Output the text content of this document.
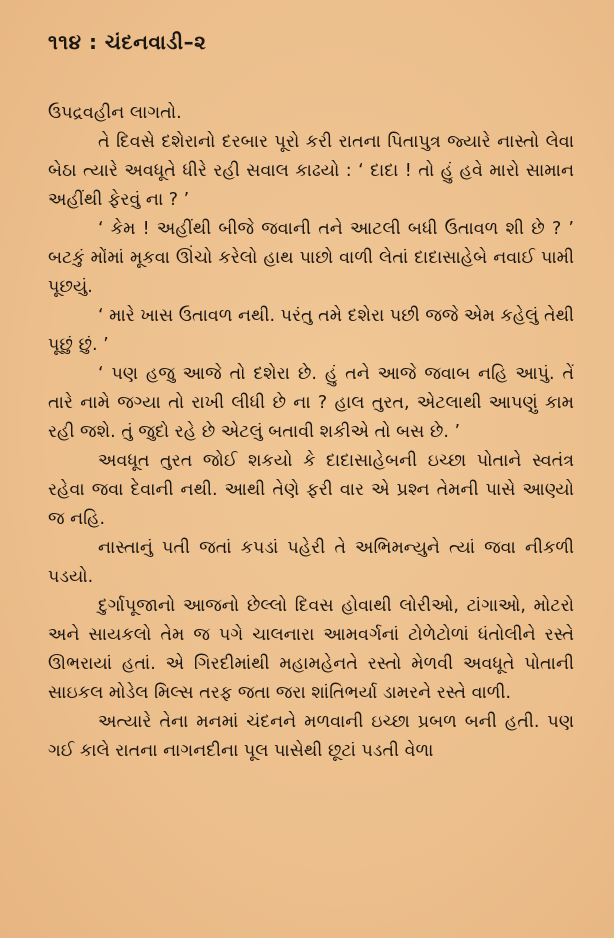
૧૧૪ : ચંદનવાડી–૨

ઉપદ્રવહીન લાગતો.

તે દિવસે દશેરાનો દરબાર પૂરો કરી રાતના પિતાપુત્ર જ્યારે નાસ્તો લેવા બેઠા ત્યારે અવધૂતે ધીરે રહી સવાલ કાઢયો : ‘ દાદા ! તો હું હવે મારો સામાન અહીંથી ફેરવું ના ? ’

‘ કેમ ! અહીંથી બીજે જવાની તને આટલી બધી ઉતાવળ શી છે ? ’ બટકું મોંમાં મૂકવા ઊંચો કરેલો હાથ પાછો વાળી લેતાં દાદાસાહેબે નવાઈ પામી પૂછયું.

‘ મારે ખાસ ઉતાવળ નથી. પરંતુ તમે દશેરા પછી જજે એમ કહેલું તેથી પૂછું છું. ’

‘ પણ હજુ આજે તો દશેરા છે. હું તને આજે જવાબ નહિ આપું. તેં તારે નામે જગ્યા તો રાખી લીધી છે ના ? હાલ તુરત, એટલાથી આપણું કામ રહી જશે. તું જુદો રહે છે એટલું બતાવી શકીએ તો બસ છે. ’

અવધૂત તુરત જોઈ શકયો કે દાદાસાહેબની ઇચ્છા પોતાને સ્વતંત્ર રહેવા જવા દેવાની નથી. આથી તેણે ફરી વાર એ પ્રશ્ન તેમની પાસે આણ્યો જ નહિ.

નાસ્તાનું પતી જતાં કપડાં પહેરી તે અભિમન્યુને ત્યાં જવા નીકળી પડયો.

દુર્ગાપૂજાનો આજનો છેલ્લો દિવસ હોવાથી લોરીઓ, ટાંગાઓ, મોટરો અને સાયકલો તેમ જ પગે ચાલનારા આમવર્ગનાં ટોળેટોળાં ધંતોલીને રસ્તે ઊભરાયાં હતાં. એ ગિરદીમાંથી મહામહેનતે રસ્તો મેળવી અવધૂતે પોતાની સાઇકલ મોડેલ મિલ્સ તરફ જતા જરા શાંતિભર્યા ડામરને રસ્તે વાળી.

અત્યારે તેના મનમાં ચંદનને મળવાની ઇચ્છા પ્રબળ બની હતી. પણ ગઈ કાલે રાતના નાગનદીના પૂલ પાસેથી છૂટાં પડતી વેળા
